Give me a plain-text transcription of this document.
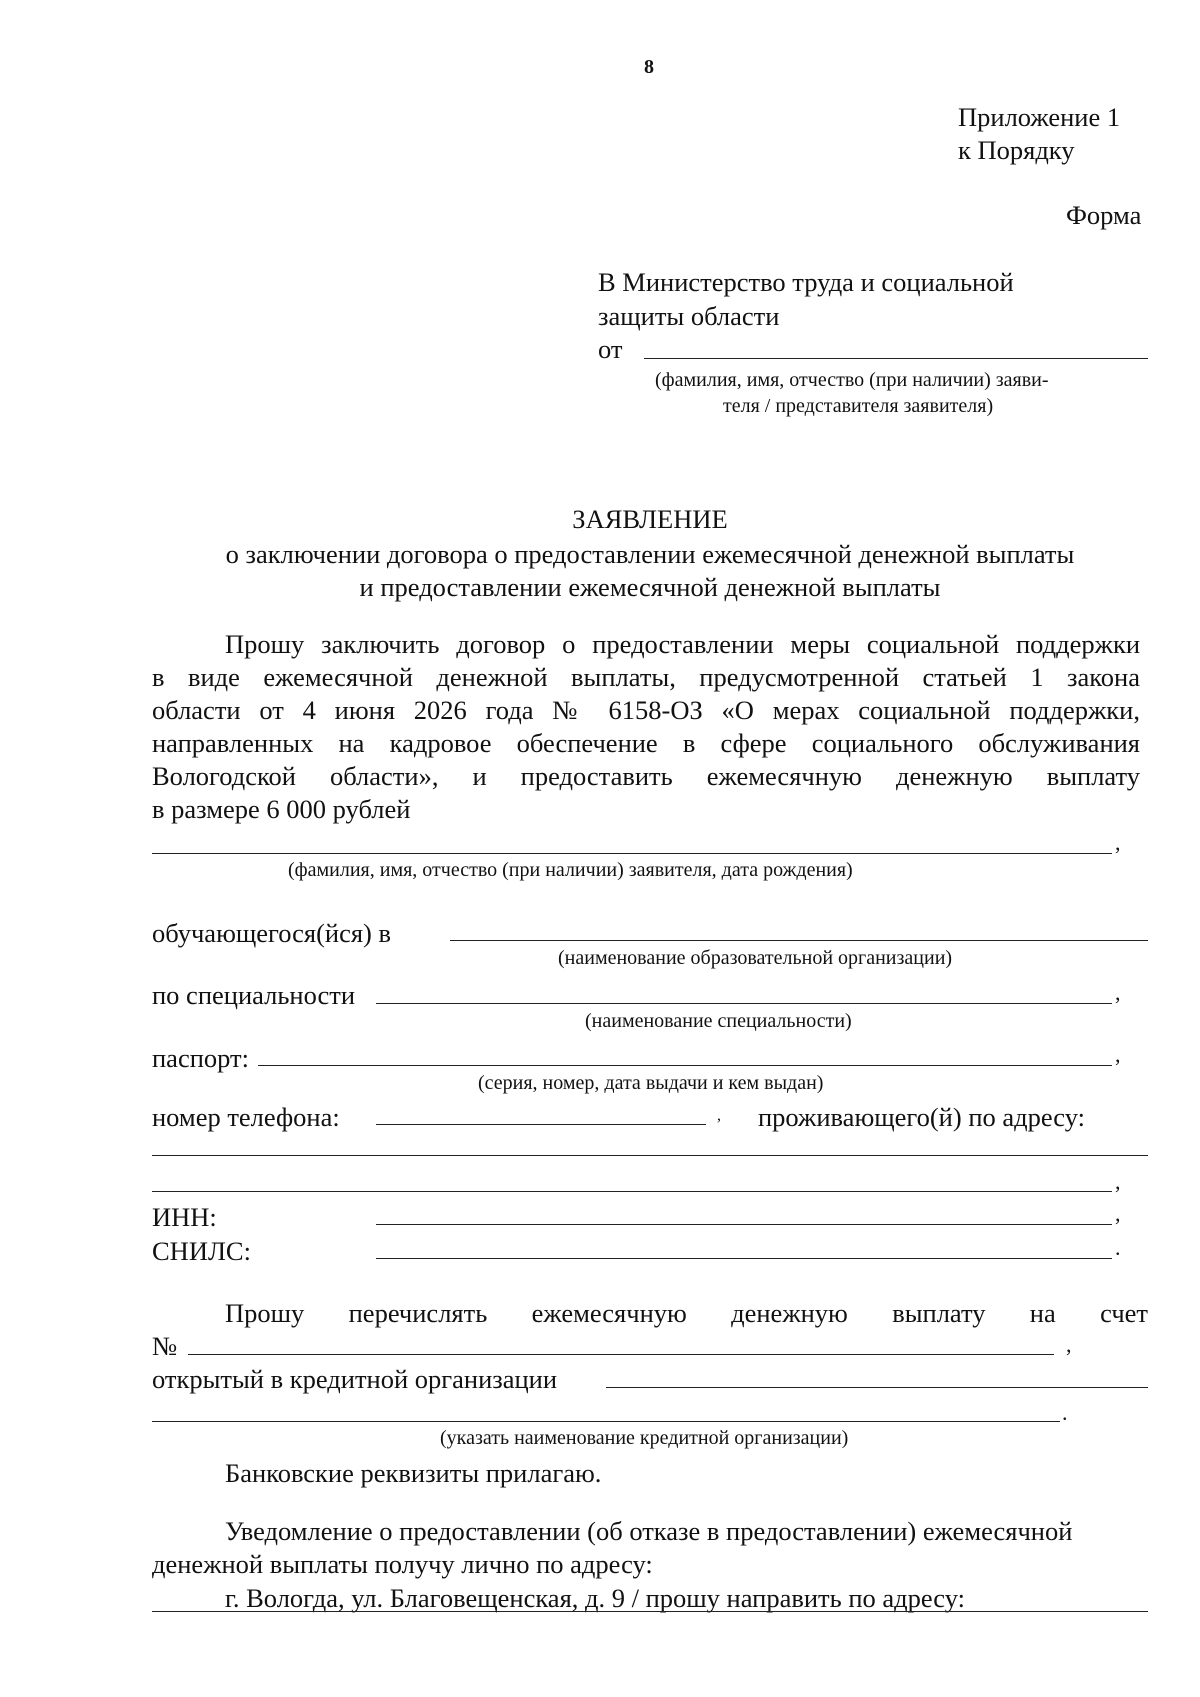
8
Приложение 1
к Порядку
Форма
В Министерство труда и социальной
защиты области
от
(фамилия, имя, отчество (при наличии) заяви-
теля / представителя заявителя)
ЗАЯВЛЕНИЕ
о заключении договора о предоставлении ежемесячной денежной выплаты
и предоставлении ежемесячной денежной выплаты
Прошу заключить договор о предоставлении меры социальной поддержки
в виде ежемесячной денежной выплаты, предусмотренной статьей 1 закона
области от 4 июня 2026 года № 6158-ОЗ «О мерах социальной поддержки,
направленных на кадровое обеспечение в сфере социального обслуживания
Вологодской области», и предоставить ежемесячную денежную выплату
в размере 6 000 рублей
,
(фамилия, имя, отчество (при наличии) заявителя, дата рождения)
обучающегося(йся) в
(наименование образовательной организации)
по специальности	,
(наименование специальности)
паспорт:	,
(серия, номер, дата выдачи и кем выдан)
номер телефона:	, проживающего(й) по адресу:
,
ИНН:	,
СНИЛС:	.
Прошу перечислять ежемесячную денежную выплату на счет
№	,
открытый в кредитной организации
.
(указать наименование кредитной организации)
Банковские реквизиты прилагаю.
Уведомление о предоставлении (об отказе в предоставлении) ежемесячной
денежной выплаты получу лично по адресу:
г. Вологда, ул. Благовещенская, д. 9 / прошу направить по адресу:
